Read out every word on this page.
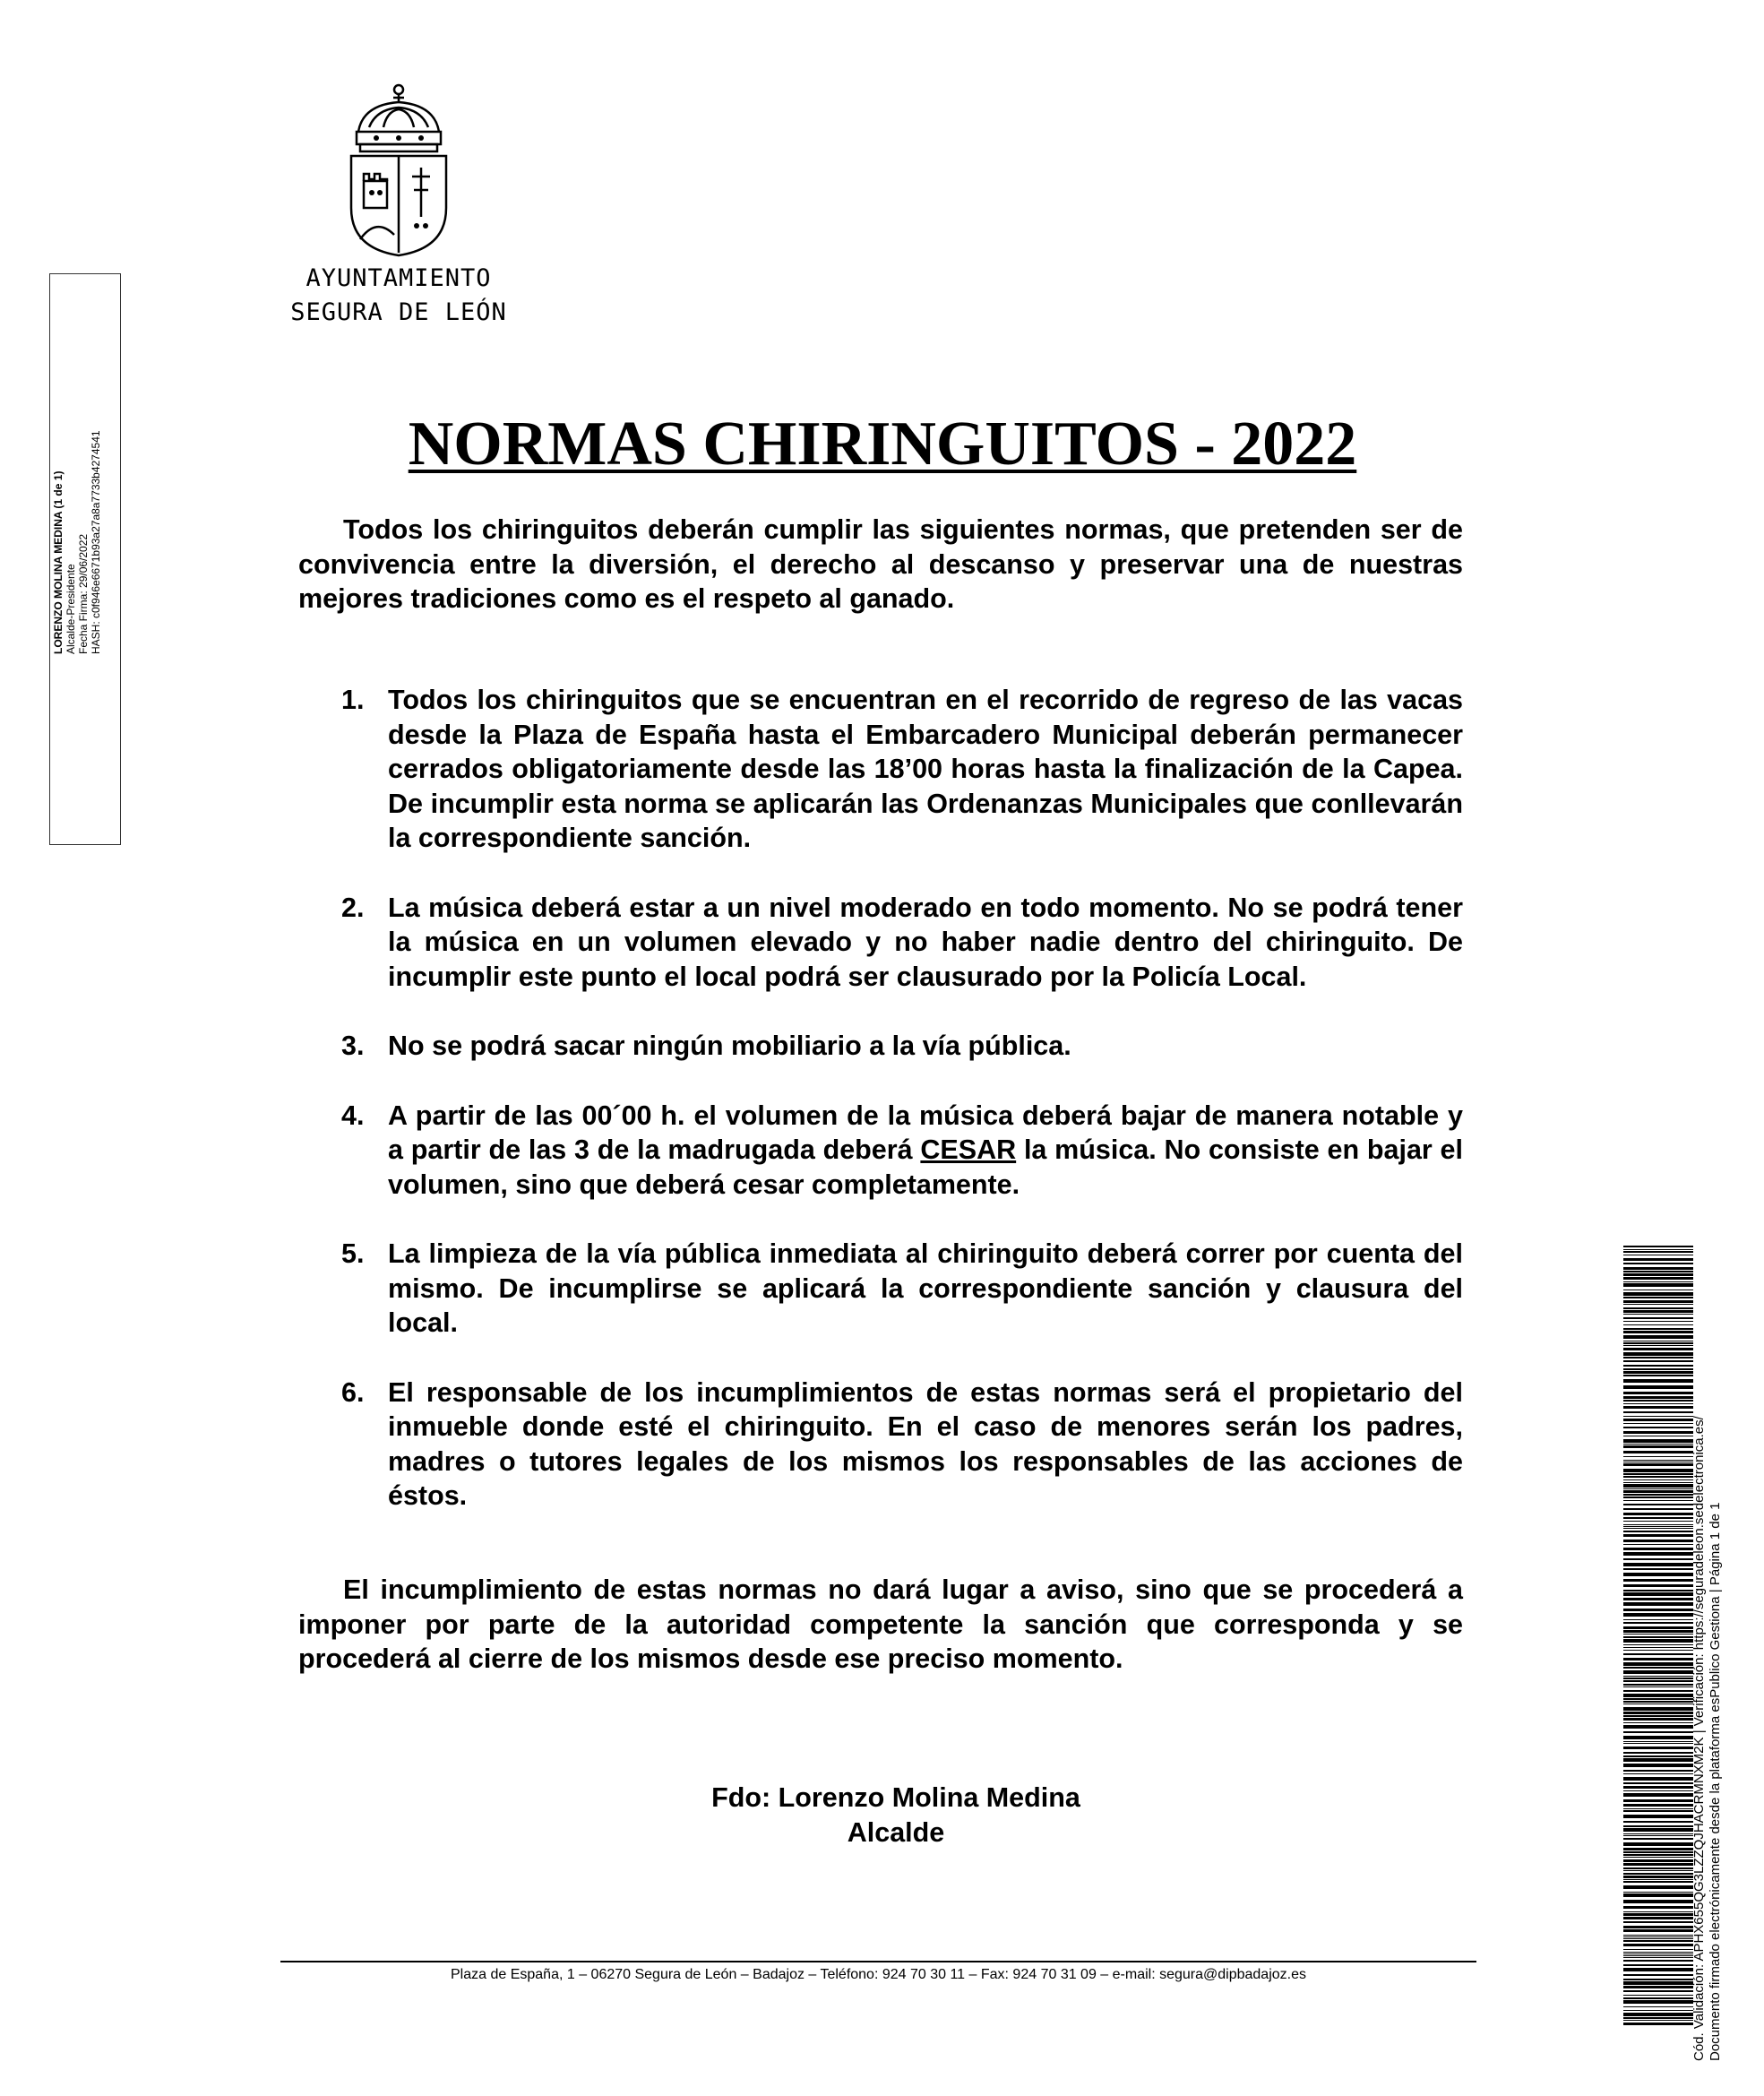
AYUNTAMIENTO
SEGURA DE LEÓN
LORENZO MOLINA MEDINA (1 de 1) Alcalde-Presidente Fecha Firma: 29/06/2022 HASH: c0f946e6671b93a27a8a7733b4274541	NORMAS CHIRINGUITOS - 2022
Todos los chiringuitos deberán cumplir las siguientes normas, que pretenden ser de convivencia entre la diversión, el derecho al descanso y preservar una de nuestras mejores tradiciones como es el respeto al ganado.
1. Todos los chiringuitos que se encuentran en el recorrido de regreso de las vacas desde la Plaza de España hasta el Embarcadero Municipal deberán permanecer cerrados obligatoriamente desde las 18’00 horas hasta la finalización de la Capea. De incumplir esta norma se aplicarán las Ordenanzas Municipales que conllevarán la correspondiente sanción.
2. La música deberá estar a un nivel moderado en todo momento. No se podrá tener la música en un volumen elevado y no haber nadie dentro del chiringuito. De incumplir este punto el local podrá ser clausurado por la Policía Local.
3. No se podrá sacar ningún mobiliario a la vía pública.
4. A partir de las 00´00 h. el volumen de la música deberá bajar de manera notable y a partir de las 3 de la madrugada deberá CESAR la música. No consiste en bajar el volumen, sino que deberá cesar completamente.
5. La limpieza de la vía pública inmediata al chiringuito deberá correr por cuenta del mismo. De incumplirse se aplicará la correspondiente sanción y clausura del local.
6. El responsable de los incumplimientos de estas normas será el propietario del inmueble donde esté el chiringuito. En el caso de menores serán los padres, madres o tutores legales de los mismos los responsables de las acciones de éstos.
El incumplimiento de estas normas no dará lugar a aviso, sino que se procederá a imponer por parte de la autoridad competente la sanción que corresponda y se procederá al cierre de los mismos desde ese preciso momento.
Fdo: Lorenzo Molina Medina
Alcalde
Plaza de España, 1 – 06270 Segura de León – Badajoz – Teléfono: 924 70 30 11 – Fax: 924 70 31 09 – e-mail: segura@dipbadajoz.es	Cód. Validación: APHX655QG3LZZQJHACRMNXM2K | Verificación: https://seguradeleon.sedelectronica.es/ Documento firmado electrónicamente desde la plataforma esPublico Gestiona | Página 1 de 1
